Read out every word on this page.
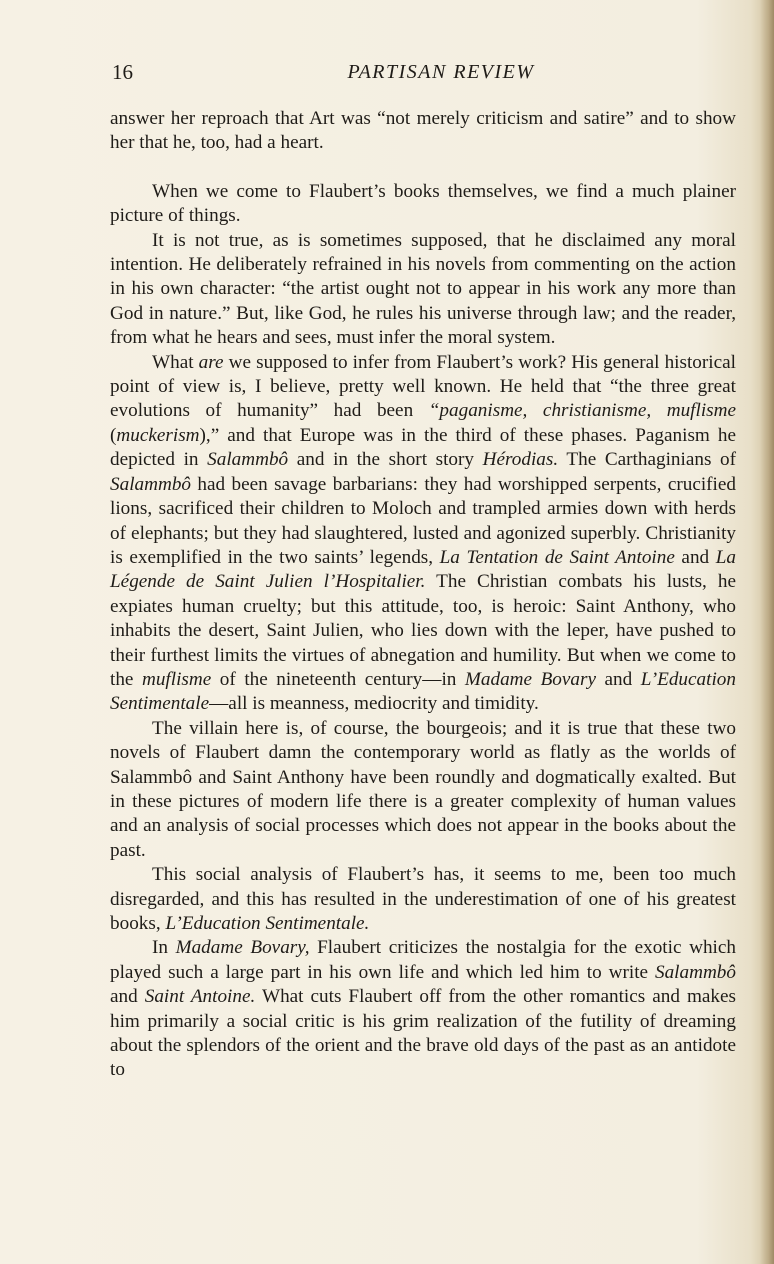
16	PARTISAN REVIEW

answer her reproach that Art was “not merely criticism and satire” and to show her that he, too, had a heart.

When we come to Flaubert’s books themselves, we find a much plainer picture of things.

It is not true, as is sometimes supposed, that he disclaimed any moral intention. He deliberately refrained in his novels from commenting on the action in his own character: “the artist ought not to appear in his work any more than God in nature.” But, like God, he rules his universe through law; and the reader, from what he hears and sees, must infer the moral system.

What are we supposed to infer from Flaubert’s work? His general historical point of view is, I believe, pretty well known. He held that “the three great evolutions of humanity” had been “paganisme, christianisme, muflisme (muckerism),” and that Europe was in the third of these phases. Paganism he depicted in Salammbô and in the short story Hérodias. The Carthaginians of Salammbô had been savage barbarians: they had worshipped serpents, crucified lions, sacrificed their children to Moloch and trampled armies down with herds of elephants; but they had slaughtered, lusted and agonized superbly. Christianity is exemplified in the two saints’ legends, La Tentation de Saint Antoine and La Légende de Saint Julien l’Hospitalier. The Christian combats his lusts, he expiates human cruelty; but this attitude, too, is heroic: Saint Anthony, who inhabits the desert, Saint Julien, who lies down with the leper, have pushed to their furthest limits the virtues of abnegation and humility. But when we come to the muflisme of the nineteenth century—in Madame Bovary and L’Education Sentimentale—all is meanness, mediocrity and timidity.

The villain here is, of course, the bourgeois; and it is true that these two novels of Flaubert damn the contemporary world as flatly as the worlds of Salammbô and Saint Anthony have been roundly and dogmatically exalted. But in these pictures of modern life there is a greater complexity of human values and an analysis of social processes which does not appear in the books about the past.

This social analysis of Flaubert’s has, it seems to me, been too much disregarded, and this has resulted in the underestimation of one of his greatest books, L’Education Sentimentale.

In Madame Bovary, Flaubert criticizes the nostalgia for the exotic which played such a large part in his own life and which led him to write Salammbô and Saint Antoine. What cuts Flaubert off from the other romantics and makes him primarily a social critic is his grim realization of the futility of dreaming about the splendors of the orient and the brave old days of the past as an antidote to
